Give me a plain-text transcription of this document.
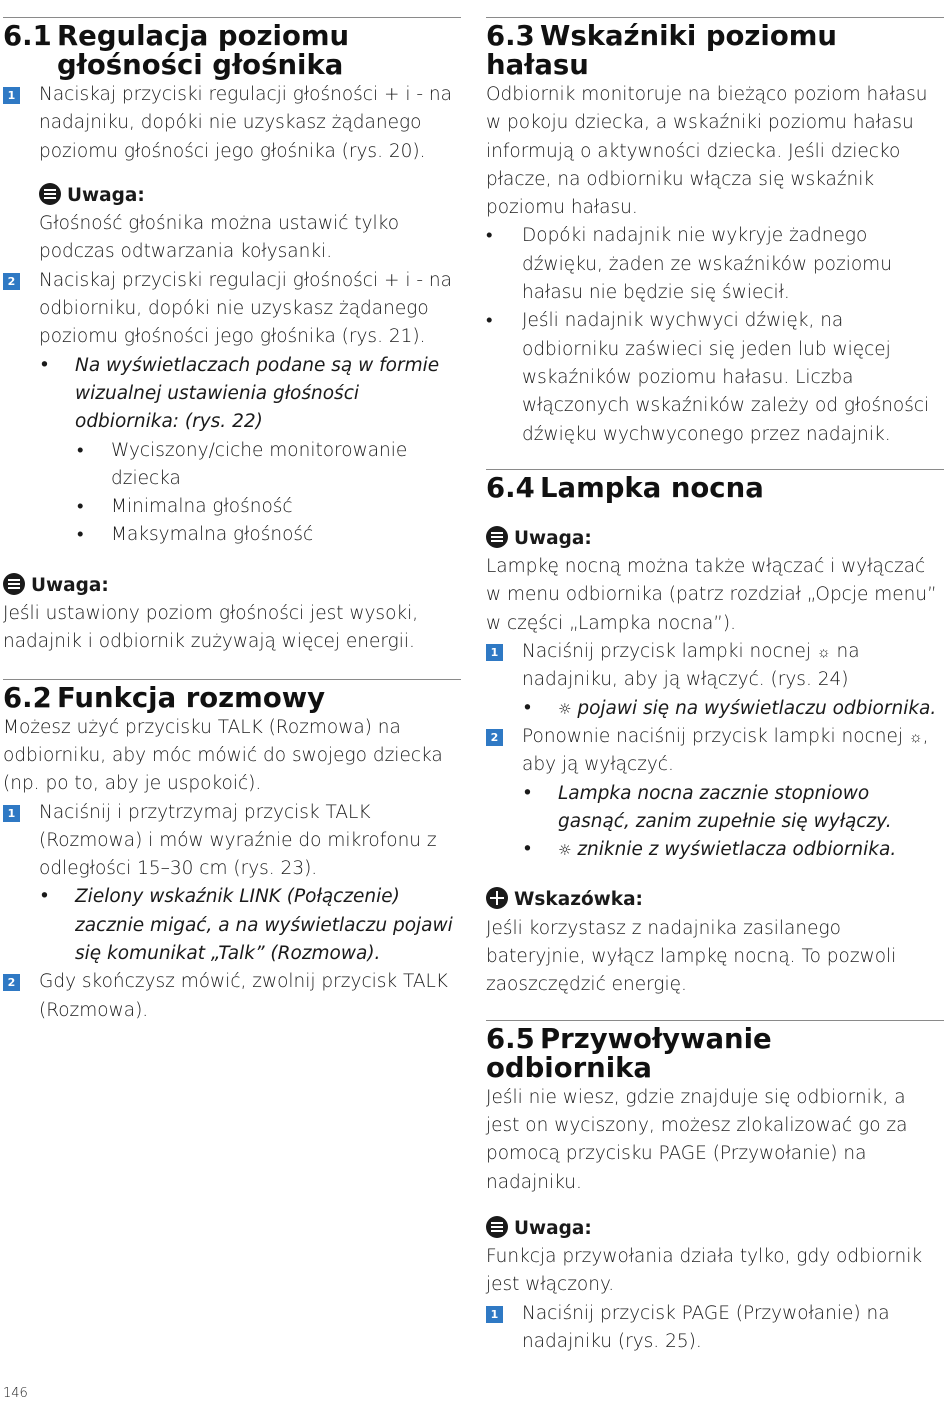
6.1 Regulacja poziomu
głośności głośnika
1 Naciskaj przyciski regulacji głośności + i - na nadajniku, dopóki nie uzyskasz żądanego poziomu głośności jego głośnika (rys. 20).
Uwaga:
Głośność głośnika można ustawić tylko podczas odtwarzania kołysanki.
2 Naciskaj przyciski regulacji głośności + i - na odbiorniku, dopóki nie uzyskasz żądanego poziomu głośności jego głośnika (rys. 21).
• Na wyświetlaczach podane są w formie wizualnej ustawienia głośności odbiornika: (rys. 22)
• Wyciszony/ciche monitorowanie dziecka
• Minimalna głośność
• Maksymalna głośność
Uwaga:

Jeśli ustawiony poziom głośności jest wysoki, nadajnik i odbiornik zużywają więcej energii.

6.2 Funkcja rozmowy

Możesz użyć przycisku TALK (Rozmowa) na odbiorniku, aby móc mówić do swojego dziecka (np. po to, aby je uspokoić).

1 Naciśnij i przytrzymaj przycisk TALK (Rozmowa) i mów wyraźnie do mikrofonu z odległości 15–30 cm (rys. 23).
• Zielony wskaźnik LINK (Połączenie) zacznie migać, a na wyświetlaczu pojawi się komunikat „Talk” (Rozmowa).
2 Gdy skończysz mówić, zwolnij przycisk TALK (Rozmowa).
6.3 Wskaźniki poziomu hałasu

Odbiornik monitoruje na bieżąco poziom hałasu w pokoju dziecka, a wskaźniki poziomu hałasu informują o aktywności dziecka. Jeśli dziecko płacze, na odbiorniku włącza się wskaźnik poziomu hałasu.

• Dopóki nadajnik nie wykryje żadnego dźwięku, żaden ze wskaźników poziomu hałasu nie będzie się świecił.
• Jeśli nadajnik wychwyci dźwięk, na odbiorniku zaświeci się jeden lub więcej wskaźników poziomu hałasu. Liczba włączonych wskaźników zależy od głośności dźwięku wychwyconego przez nadajnik.
6.4 Lampka nocna
Uwaga:

Lampkę nocną można także włączać i wyłączać w menu odbiornika (patrz rozdział „Opcje menu” w części „Lampka nocna”).

1 Naciśnij przycisk lampki nocnej ☼ na nadajniku, aby ją włączyć. (rys. 24)
• ☼ pojawi się na wyświetlaczu odbiornika.
2 Ponownie naciśnij przycisk lampki nocnej ☼, aby ją wyłączyć.
• Lampka nocna zacznie stopniowo gasnąć, zanim zupełnie się wyłączy.
• ☼ zniknie z wyświetlacza odbiornika.
Wskazówka:

Jeśli korzystasz z nadajnika zasilanego bateryjnie, wyłącz lampkę nocną. To pozwoli zaoszczędzić energię.

6.5 Przywoływanie odbiornika

Jeśli nie wiesz, gdzie znajduje się odbiornik, a jest on wyciszony, możesz zlokalizować go za pomocą przycisku PAGE (Przywołanie) na nadajniku.

Uwaga:

Funkcja przywołania działa tylko, gdy odbiornik jest włączony.

1 Naciśnij przycisk PAGE (Przywołanie) na nadajniku (rys. 25).
146
